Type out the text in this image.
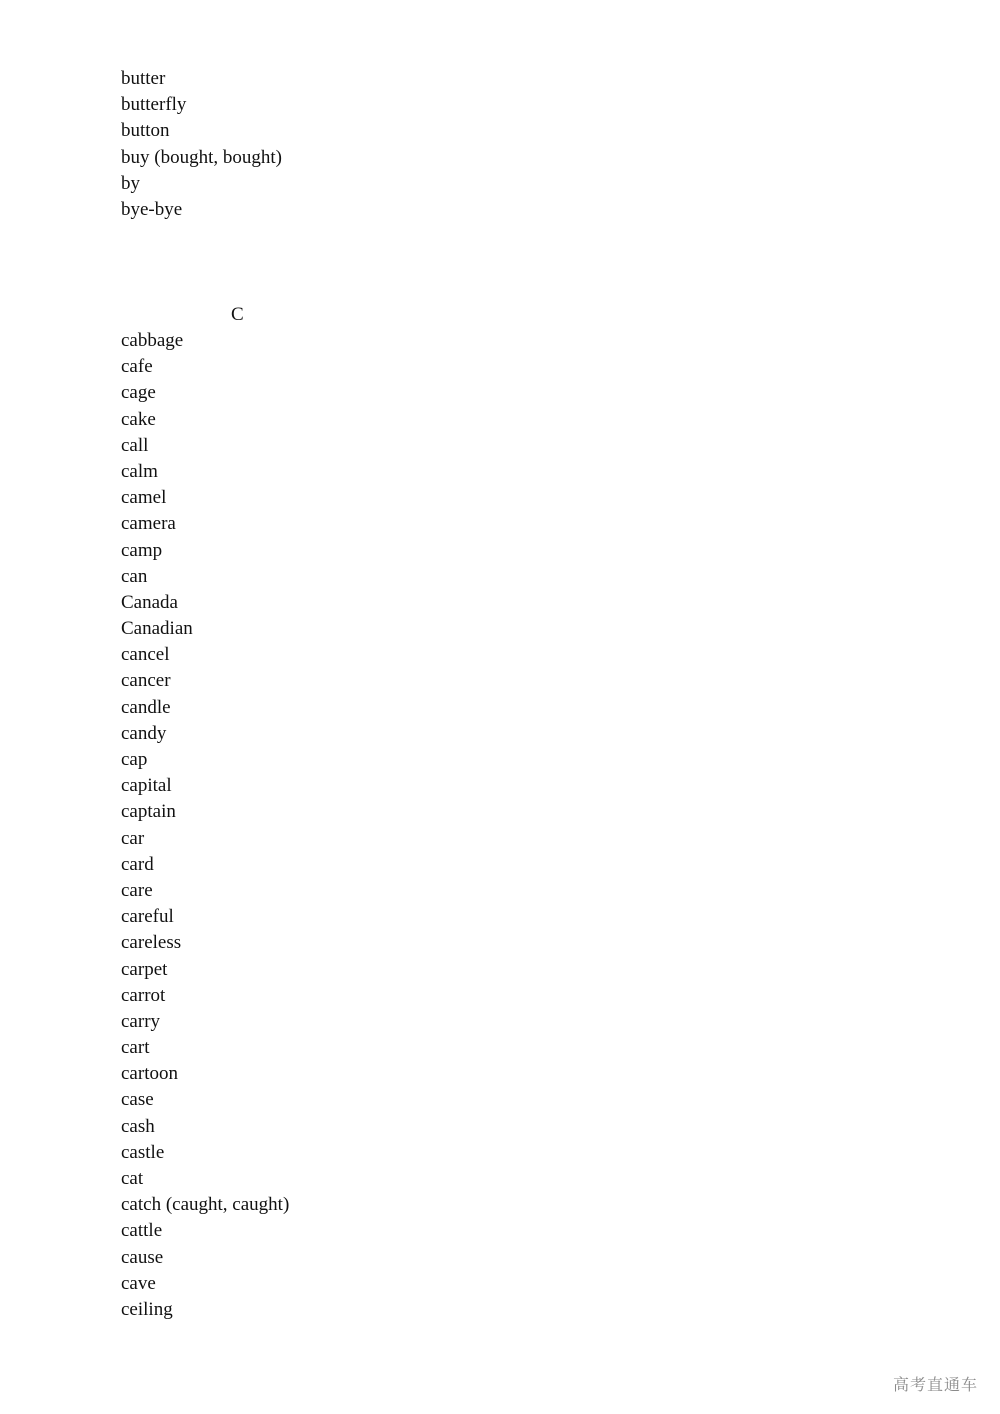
butter
butterfly
button
buy (bought, bought)
by
bye-bye
C
cabbage
cafe
cage
cake
call
calm
camel
camera
camp
can
Canada
Canadian
cancel
cancer
candle
candy
cap
capital
captain
car
card
care
careful
careless
carpet
carrot
carry
cart
cartoon
case
cash
castle
cat
catch (caught, caught)
cattle
cause
cave
ceiling
高考直通车
